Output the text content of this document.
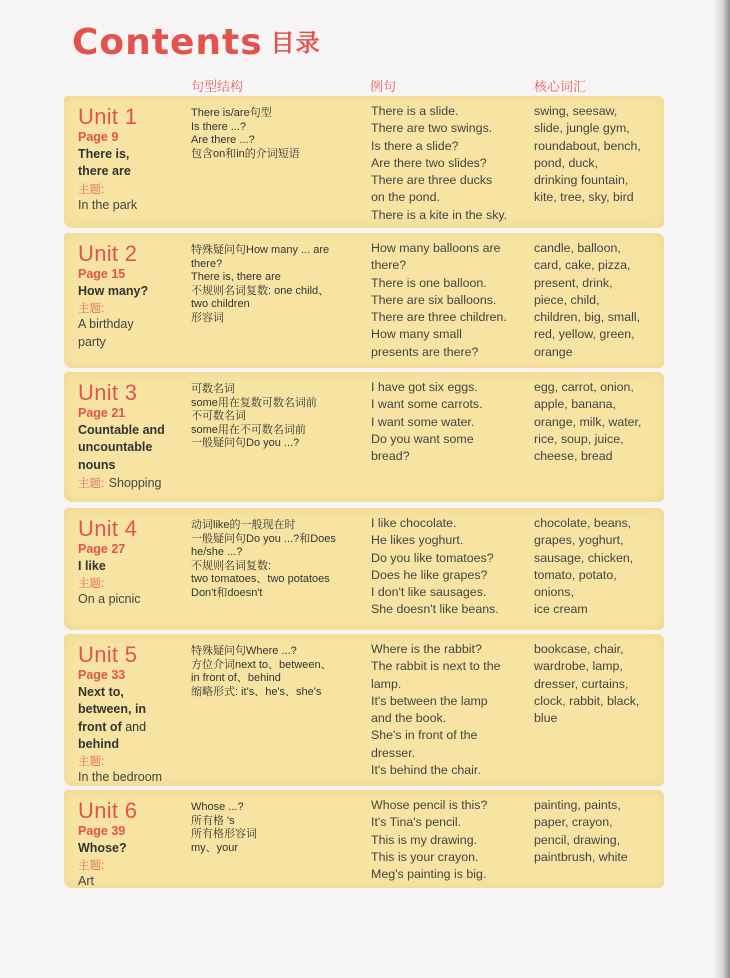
Contents 目录
句型结构	例句	核心词汇
Unit 1
Page 9
There is,
there are
主题:
In the park
There is/are句型
Is there ...?
Are there ...?
包含on和in的介词短语
There is a slide.
There are two swings.
Is there a slide?
Are there two slides?
There are three ducks
on the pond.
There is a kite in the sky.
swing, seesaw,
slide, jungle gym,
roundabout, bench,
pond, duck,
drinking fountain,
kite, tree, sky, bird
Unit 2
Page 15
How many?
主题:
A birthday party
特殊疑问句How many ... are
there?
There is, there are
不规则名词复数: one child、
two children
形容词
How many balloons are
there?
There is one balloon.
There are six balloons.
There are three children.
How many small
presents are there?
candle, balloon,
card, cake, pizza,
present, drink,
piece, child,
children, big, small,
red, yellow, green,
orange
Unit 3
Page 21
Countable and
uncountable
nouns
主题: Shopping
可数名词
some用在复数可数名词前
不可数名词
some用在不可数名词前
一般疑问句Do you ...?
I have got six eggs.
I want some carrots.
I want some water.
Do you want some
bread?
egg, carrot, onion,
apple, banana,
orange, milk, water,
rice, soup, juice,
cheese, bread
Unit 4
Page 27
I like
主题:
On a picnic
动词like的一般现在时
一般疑问句Do you ...?和Does
he/she ...?
不规则名词复数:
two tomatoes、two potatoes
Don't和doesn't
I like chocolate.
He likes yoghurt.
Do you like tomatoes?
Does he like grapes?
I don't like sausages.
She doesn't like beans.
chocolate, beans,
grapes, yoghurt,
sausage, chicken,
tomato, potato,
onions,
ice cream
Unit 5
Page 33
Next to,
between, in
front of and
behind
主题:
In the bedroom
特殊疑问句Where ...?
方位介词next to、between、
in front of、behind
缩略形式: it's、he's、she's
Where is the rabbit?
The rabbit is next to the
lamp.
It's between the lamp
and the book.
She's in front of the
dresser.
It's behind the chair.
bookcase, chair,
wardrobe, lamp,
dresser, curtains,
clock, rabbit, black,
blue
Unit 6
Page 39
Whose?
主题:
Art
Whose ...?
所有格 's
所有格形容词
my、your
Whose pencil is this?
It's Tina's pencil.
This is my drawing.
This is your crayon.
Meg's painting is big.
painting, paints,
paper, crayon,
pencil, drawing,
paintbrush, white
